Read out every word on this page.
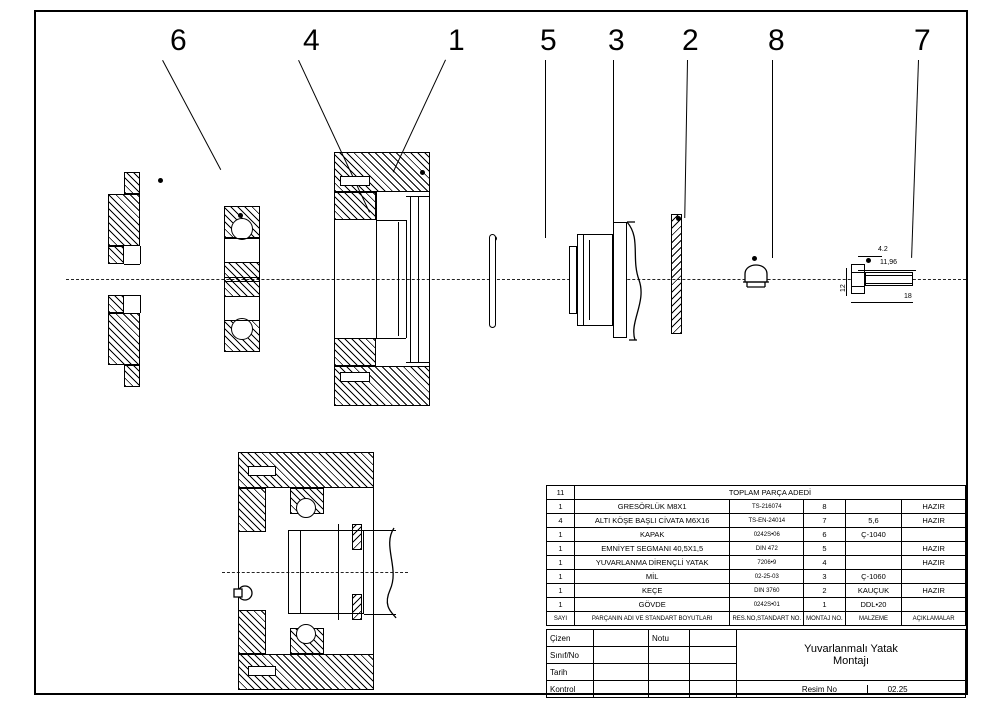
6	4	1	5 3 2 8	7
4.2
11,96
18
12
11	TOPLAM PARÇA ADEDİ				
1	GRESÖRLÜK M8X1	TS-216074	8		HAZIR
4	ALTI KÖŞE BAŞLI CİVATA M6X16	TS-EN-24014	7	5,6	HAZIR
1	KAPAK	0242S•06	6	Ç-1040	
1	EMNİYET SEGMANI 40,5X1,5	DIN 472	5		HAZIR
1	YUVARLANMA DİRENÇLİ YATAK	7206•9	4		HAZIR
1	MİL	02-25-03	3	Ç-1060	
1	KEÇE	DIN 3760	2	KAUÇUK	HAZIR
1	GÖVDE	0242S•01	1	DDL•20	
SAYI	PARÇANIN ADI VE STANDART BOYUTLARI	RES.NO,STANDART NO.	MONTAJ NO.	MALZEME	AÇIKLAMALAR
Çizen		Notu		Yuvarlanmalı Yatak
Montajı

Sınıf/No				
Tarih				
Kontrol				Resim No 02.25
